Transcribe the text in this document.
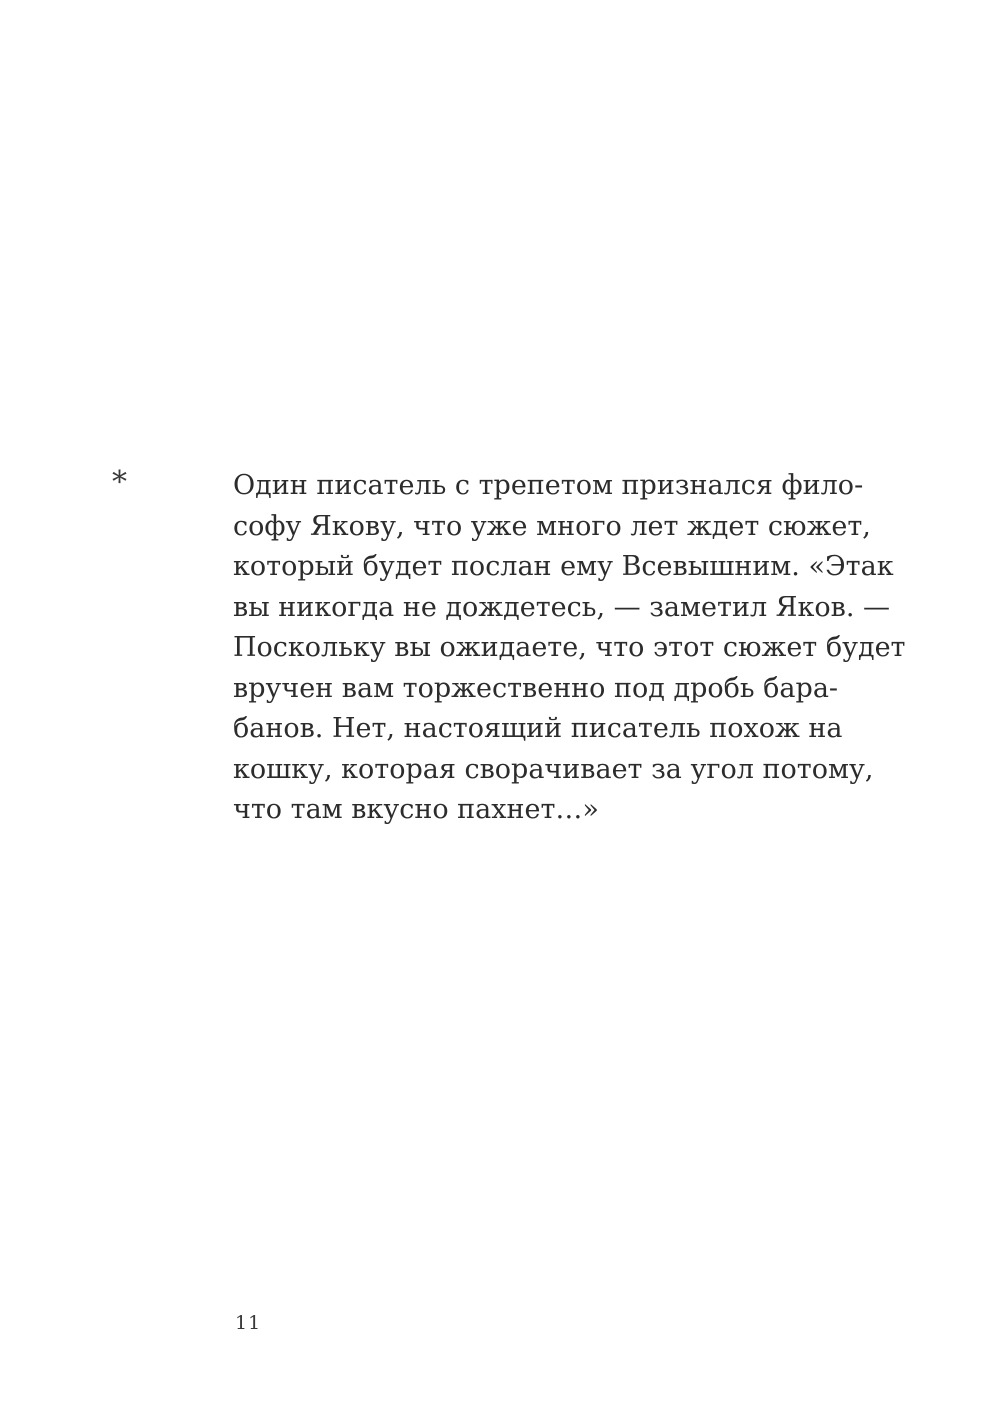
*	Один писатель с трепетом признался фило-
софу Якову, что уже много лет ждет сюжет,
который будет послан ему Всевышним. «Этак
вы никогда не дождетесь, — заметил Яков. —
Поскольку вы ожидаете, что этот сюжет будет
вручен вам торжественно под дробь бара-
банов. Нет, настоящий писатель похож на
кошку, которая сворачивает за угол потому,
что там вкусно пахнет…»
11
